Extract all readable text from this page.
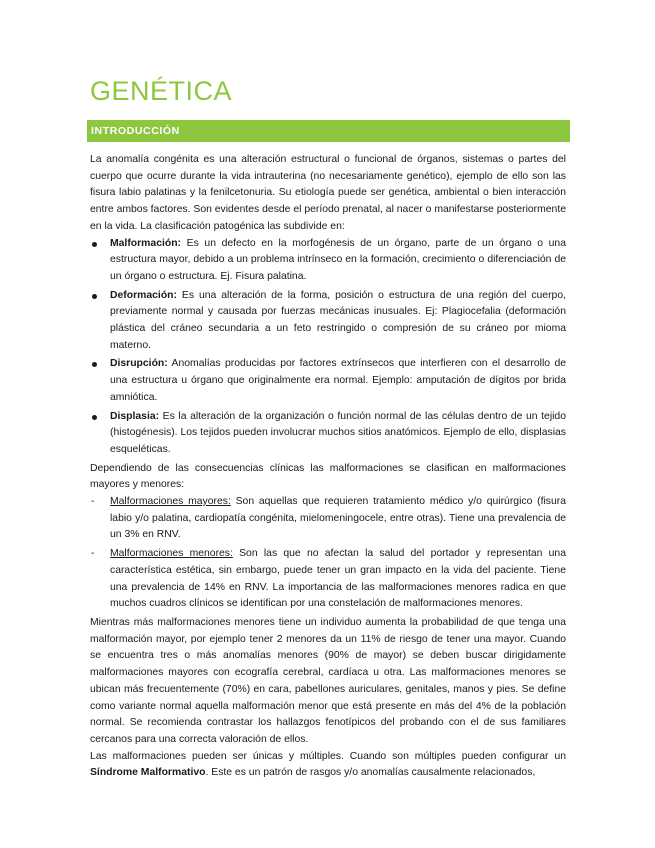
GENÉTICA
INTRODUCCIÓN

La anomalía congénita es una alteración estructural o funcional de órganos, sistemas o partes del cuerpo que ocurre durante la vida intrauterina (no necesariamente genético), ejemplo de ello son las fisura labio palatinas y la fenilcetonuria. Su etiología puede ser genética, ambiental o bien interacción entre ambos factores. Son evidentes desde el período prenatal, al nacer o manifestarse posteriormente en la vida. La clasificación patogénica las subdivide en:

Malformación: Es un defecto en la morfogénesis de un órgano, parte de un órgano o una estructura mayor, debido a un problema intrínseco en la formación, crecimiento o diferenciación de un órgano o estructura. Ej. Fisura palatina.
Deformación: Es una alteración de la forma, posición o estructura de una región del cuerpo, previamente normal y causada por fuerzas mecánicas inusuales. Ej: Plagiocefalia (deformación plástica del cráneo secundaria a un feto restringido o compresión de su cráneo por mioma materno.
Disrupción: Anomalías producidas por factores extrínsecos que interfieren con el desarrollo de una estructura u órgano que originalmente era normal. Ejemplo: amputación de dígitos por brida amniótica.
Displasia: Es la alteración de la organización o función normal de las células dentro de un tejido (histogénesis). Los tejidos pueden involucrar muchos sitios anatómicos. Ejemplo de ello, displasias esqueléticas.

Dependiendo de las consecuencias clínicas las malformaciones se clasifican en malformaciones mayores y menores:

- Malformaciones mayores: Son aquellas que requieren tratamiento médico y/o quirúrgico (fisura labio y/o palatina, cardiopatía congénita, mielomeningocele, entre otras). Tiene una prevalencia de un 3% en RNV.
- Malformaciones menores: Son las que no afectan la salud del portador y representan una característica estética, sin embargo, puede tener un gran impacto en la vida del paciente. Tiene una prevalencia de 14% en RNV. La importancia de las malformaciones menores radica en que muchos cuadros clínicos se identifican por una constelación de malformaciones menores.

Mientras más malformaciones menores tiene un individuo aumenta la probabilidad de que tenga una malformación mayor, por ejemplo tener 2 menores da un 11% de riesgo de tener una mayor. Cuando se encuentra tres o más anomalías menores (90% de mayor) se deben buscar dirigidamente malformaciones mayores con ecografía cerebral, cardíaca u otra. Las malformaciones menores se ubican más frecuentemente (70%) en cara, pabellones auriculares, genitales, manos y pies. Se define como variante normal aquella malformación menor que está presente en más del 4% de la población normal. Se recomienda contrastar los hallazgos fenotípicos del probando con el de sus familiares cercanos para una correcta valoración de ellos.

Las malformaciones pueden ser únicas y múltiples. Cuando son múltiples pueden configurar un Síndrome Malformativo. Este es un patrón de rasgos y/o anomalías causalmente relacionados,
